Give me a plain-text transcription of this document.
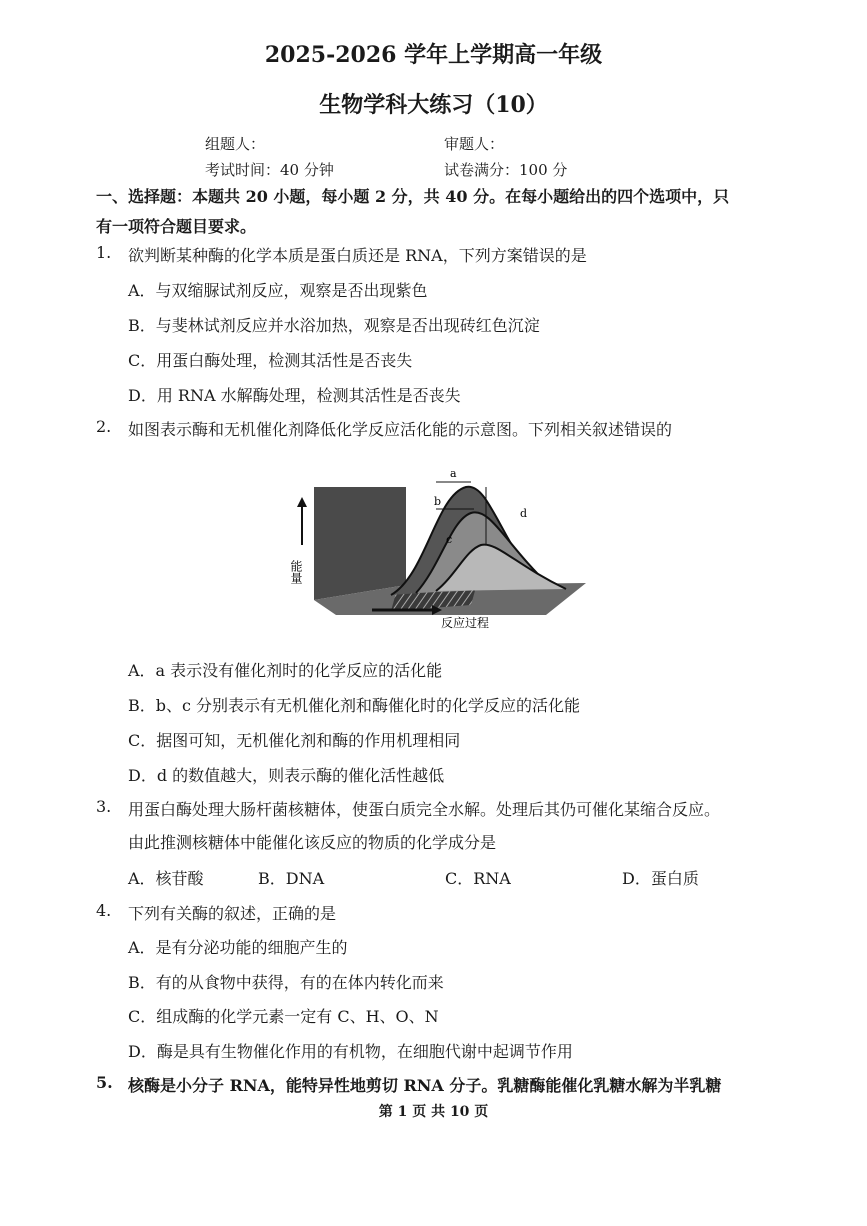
2025-2026 学年上学期高一年级
生物学科大练习（10）
组题人：	审题人：
考试时间：40 分钟	试卷满分：100 分
一、选择题：本题共 20 小题，每小题 2 分，共 40 分。在每小题给出的四个选项中，只
有一项符合题目要求。
1. 欲判断某种酶的化学本质是蛋白质还是 RNA，下列方案错误的是
A．与双缩脲试剂反应，观察是否出现紫色
B．与斐林试剂反应并水浴加热，观察是否出现砖红色沉淀
C．用蛋白酶处理，检测其活性是否丧失
D．用 RNA 水解酶处理，检测其活性是否丧失
2. 如图表示酶和无机催化剂降低化学反应活化能的示意图。下列相关叙述错误的
a
b
c
d
能量
反应过程
A．a 表示没有催化剂时的化学反应的活化能
B．b、c 分别表示有无机催化剂和酶催化时的化学反应的活化能
C．据图可知，无机催化剂和酶的作用机理相同
D．d 的数值越大，则表示酶的催化活性越低
3. 用蛋白酶处理大肠杆菌核糖体，使蛋白质完全水解。处理后其仍可催化某缩合反应。
由此推测核糖体中能催化该反应的物质的化学成分是
A．核苷酸	B．DNA	C．RNA	D．蛋白质
4. 下列有关酶的叙述，正确的是
A．是有分泌功能的细胞产生的
B．有的从食物中获得，有的在体内转化而来
C．组成酶的化学元素一定有 C、H、O、N
D．酶是具有生物催化作用的有机物，在细胞代谢中起调节作用
5. 核酶是小分子 RNA，能特异性地剪切 RNA 分子。乳糖酶能催化乳糖水解为半乳糖
第 1 页 共 10 页
